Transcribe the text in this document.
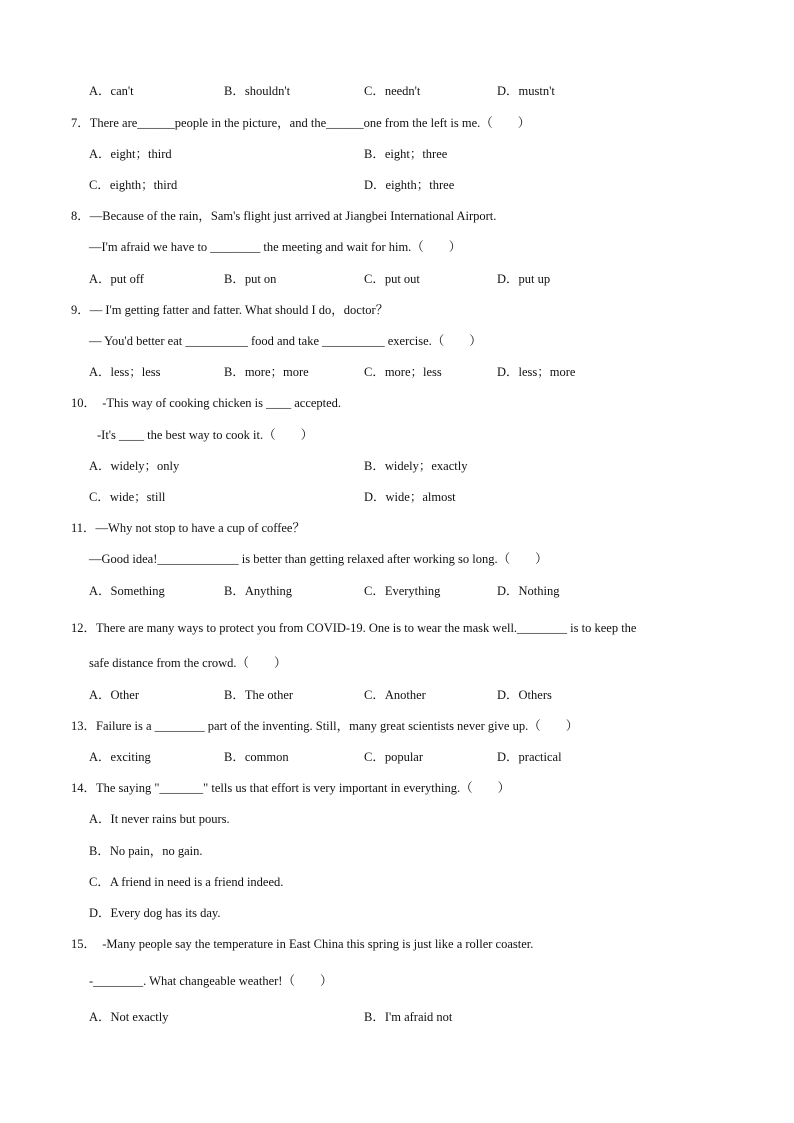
A．can't	B．shouldn't	C．needn't	D．mustn't
7．There are______people in the picture，and the______one from the left is me.（　　）
A．eight；third	B．eight；three
C．eighth；third	D．eighth；three
8．—Because of the rain，Sam's flight just arrived at Jiangbei International Airport.
—I'm afraid we have to ________ the meeting and wait for him.（　　）
A．put off	B．put on	C．put out	D．put up
9．— I'm getting fatter and fatter. What should I do，doctor？
— You'd better eat __________ food and take __________ exercise.（　　）
A．less；less	B．more；more	C．more；less	D．less；more
10．　-This way of cooking chicken is ____ accepted.
-It's ____ the best way to cook it.（　　）
A．widely；only	B．widely；exactly
C．wide；still	D．wide；almost
11．—Why not stop to have a cup of coffee？
—Good idea!_____________ is better than getting relaxed after working so long.（　　）
A．Something	B．Anything	C．Everything	D．Nothing
12．There are many ways to protect you from COVID-19. One is to wear the mask well.________ is to keep the
safe distance from the crowd.（　　）
A．Other	B．The other	C．Another	D．Others
13．Failure is a ________ part of the inventing. Still，many great scientists never give up.（　　）
A．exciting	B．common	C．popular	D．practical
14．The saying "_______" tells us that effort is very important in everything.（　　）
A．It never rains but pours.
B．No pain，no gain.
C．A friend in need is a friend indeed.
D．Every dog has its day.
15．　-Many people say the temperature in East China this spring is just like a roller coaster.
-________. What changeable weather!（　　）
A．Not exactly	B．I'm afraid not
